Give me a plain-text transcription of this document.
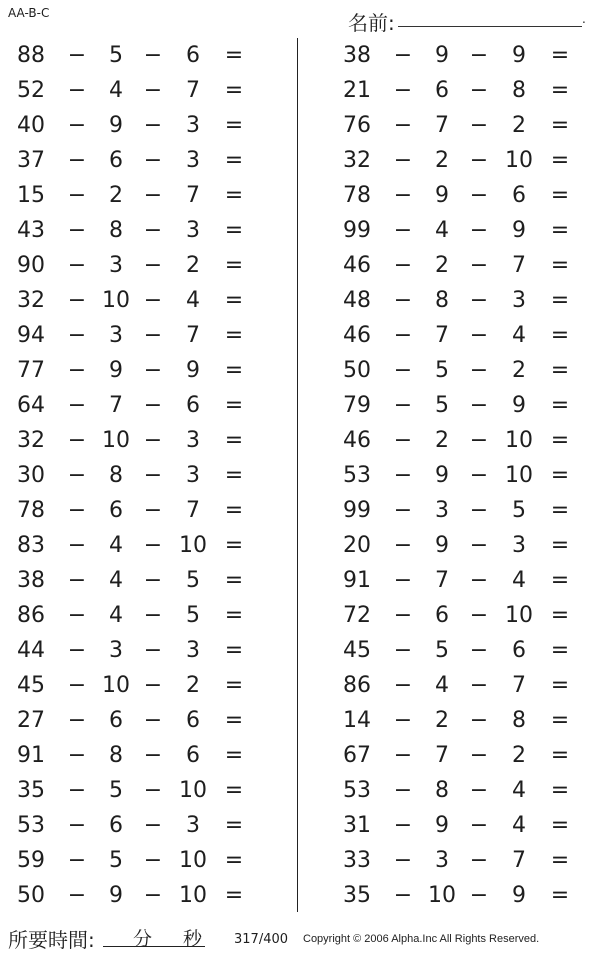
AA-B-C	名前:	.
88	−	5 −	6	=
52	−	4 −	7	=
40	−	9 −	3	=
37	−	6 −	3	=
15	−	2 −	7	=
43	−	8 −	3	=
90	−	3 −	2	=
32	− 10 −	4	=
94	−	3 −	7	=
77	−	9 −	9	=
64	−	7 −	6	=
32	− 10 −	3	=
30	−	8 −	3	=
78	−	6 −	7	=
83	−	4 − 10 =
38	−	4 −	5	=
86	−	4 −	5	=
44	−	3 −	3	=
45	− 10 −	2	=
27	−	6 −	6	=
91	−	8 −	6	=
35	−	5 − 10 =
53	−	6 −	3	=
59	−	5 − 10 =
50	−	9 − 10 =
38	−	9 −	9	=
21	−	6 −	8	=
76	−	7 −	2	=
32	−	2 − 10 =
78	−	9 −	6	=
99	−	4 −	9	=
46	−	2 −	7	=
48	−	8 −	3	=
46	−	7 −	4	=
50	−	5 −	2	=
79	−	5 −	9	=
46	−	2 − 10 =
53	−	9 − 10 =
99	−	3 −	5	=
20	−	9 −	3	=
91	−	7 −	4	=
72	−	6 − 10 =
45	−	5 −	6	=
86	−	4 −	7	=
14	−	2 −	8	=
67	−	7 −	2	=
53	−	8 −	4	=
31	−	9 −	4	=
33	−	3 −	7	=
35	− 10 −	9	=
所要時間: 分 秒 317/400 Copyright © 2006 Alpha.Inc All Rights Reserved.
